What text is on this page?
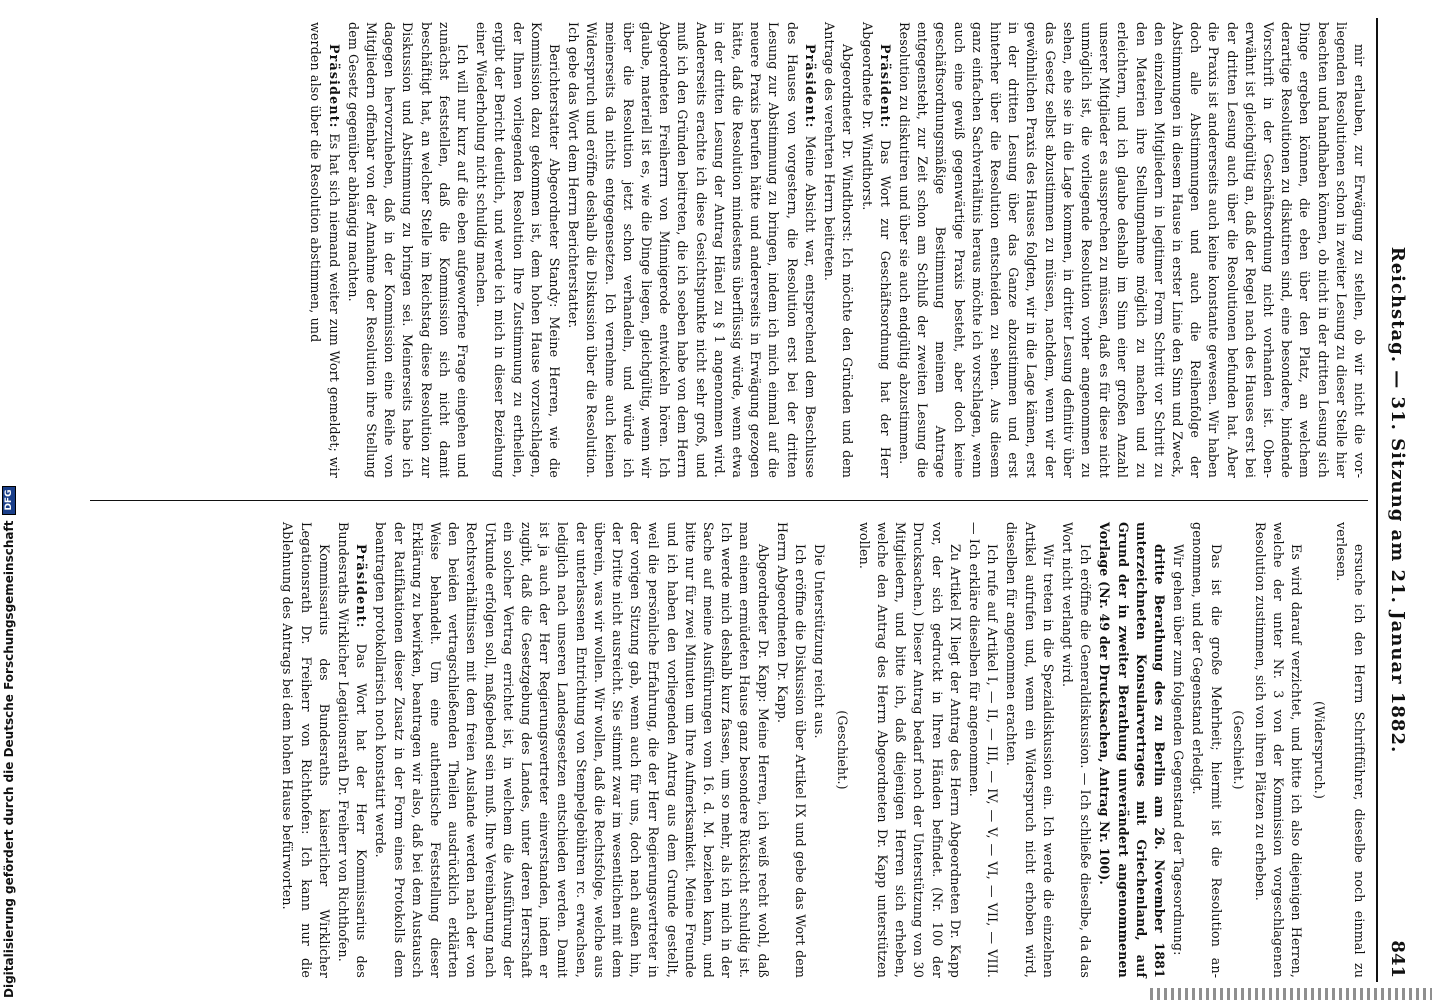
Reichstag. — 31. Sitzung am 21. Januar 1882.
841

mir erlauben, zur Erwägung zu stellen, ob wir nicht die vorliegenden Resolutionen schon in zweiter Lesung zu dieser Stelle hier beachten und handhaben können, ob nicht in der dritten Lesung sich Dinge ergeben können, die eben über den Platz, an welchem derartige Resolutionen zu diskutiren sind, eine besondere, bindende Vorschrift in der Geschäftsordnung nicht vorhanden ist. Obenerwähnt ist gleichgültig an, daß der Regel nach des Hauses erst bei der dritten Lesung auch über die Resolutionen befunden hat. Aber die Praxis ist andererseits auch keine konstante gewesen. Wir haben doch alle Abstimmungen und auch die Reihenfolge der Abstimmungen in diesem Hause in erster Linie den Sinn und Zweck, den einzelnen Mitgliedern in legitimer Form Schritt vor Schritt zu den Materien ihre Stellungnahme möglich zu machen und zu erleichtern, und ich glaube deshalb im Sinn einer großen Anzahl unserer Mitglieder es aussprechen zu müssen, daß es für diese nicht unmöglich ist, die vorliegende Resolution vorher angenommen zu sehen, ehe sie in die Lage kommen, in dritter Lesung definitiv über das Gesetz selbst abzustimmen zu müssen, nachdem, wenn wir der gewöhnlichen Praxis des Hauses folgten, wir in die Lage kämen, erst in der dritten Lesung über das Ganze abzustimmen und erst hinterher über die Resolution entscheiden zu sehen. Aus diesem ganz einfachen Sachverhältnis heraus möchte ich vorschlagen, wenn auch eine gewiß gegenwärtige Praxis besteht, aber doch keine geschäftsordnungsmäßige Bestimmung meinem Antrage entgegensteht, zur Zeit schon am Schluß der zweiten Lesung die Resolution zu diskutiren und über sie auch endgültig abzustimmen.

Präsident: Das Wort zur Geschäftsordnung hat der Herr Abgeordnete Dr. Windthorst.

Abgeordneter Dr. Windthorst: Ich möchte den Gründen und dem Antrage des verehrten Herrn beitreten.

Präsident: Meine Absicht war, entsprechend dem Beschlusse des Hauses von vorgestern, die Resolution erst bei der dritten Lesung zur Abstimmung zu bringen, indem ich mich einmal auf die neuere Praxis berufen hätte und andererseits in Erwägung gezogen hätte, daß die Resolution mindestens überflüssig würde, wenn etwa in der dritten Lesung der Antrag Hänel zu § 1 angenommen wird. Andererseits erachte ich diese Gesichtspunkte nicht sehr groß, und muß ich den Gründen beitreten, die ich soeben habe von dem Herrn Abgeordneten Freiherrn von Minnigerode entwickeln hören. Ich glaube, materiell ist es, wie die Dinge liegen, gleichgültig, wenn wir über die Resolution jetzt schon verhandeln, und würde ich meinerseits da nichts entgegensetzen. Ich vernehme auch keinen Widerspruch und eröffne deshalb die Diskussion über die Resolution. Ich gebe das Wort dem Herrn Berichterstatter.

Berichterstatter Abgeordneter Standy: Meine Herren, wie die Kommission dazu gekommen ist, dem hohen Hause vorzuschlagen, der Ihnen vorliegenden Resolution Ihre Zustimmung zu ertheilen, ergibt der Bericht deutlich, und werde ich mich in dieser Beziehung einer Wiederholung nicht schuldig machen.

Ich will nur kurz auf die eben aufgeworfene Frage eingehen und zunächst feststellen, daß die Kommission sich nicht damit beschäftigt hat, an welcher Stelle im Reichstag diese Resolution zur Diskussion und Abstimmung zu bringen sei. Meinerseits habe ich dagegen hervorzuheben, daß in der Kommission eine Reihe von Mitgliedern offenbar von der Annahme der Resolution ihre Stellung dem Gesetz gegenüber abhängig machten.

Präsident: Es hat sich niemand weiter zum Wort gemeldet; wir werden also über die Resolution abstimmen, und

ersuche ich den Herrn Schriftführer, dieselbe noch einmal zu verlesen.

(Widerspruch.)

Es wird darauf verzichtet, und bitte ich also diejenigen Herren, welche der unter Nr. 3 von der Kommission vorgeschlagenen Resolution zustimmen, sich von ihren Plätzen zu erheben.

(Geschieht.)

Das ist die große Mehrheit; hiermit ist die Resolution angenommen, und der Gegenstand erledigt.

Wir gehen über zum folgenden Gegenstand der Tagesordnung:

dritte Berathung des zu Berlin am 26. November 1881 unterzeichneten Konsularvertrages mit Griechenland, auf Grund der in zweiter Berathung unverändert angenommenen Vorlage (Nr. 49 der Drucksachen, Antrag Nr. 100).

Ich eröffne die Generaldiskussion. — Ich schließe dieselbe, da das Wort nicht verlangt wird.

Wir treten in die Spezialdiskussion ein. Ich werde die einzelnen Artikel aufrufen und, wenn ein Widerspruch nicht erhoben wird, dieselben für angenommen erachten.

Ich rufe auf Artikel I, — II, — III, — IV, — V, — VI, — VII, — VIII. — Ich erkläre dieselben für angenommen.

Zu Artikel IX liegt der Antrag des Herrn Abgeordneten Dr. Kapp vor, der sich gedruckt in Ihren Händen befindet. (Nr. 100 der Drucksachen.) Dieser Antrag bedarf noch der Unterstützung von 30 Mitgliedern, und bitte ich, daß diejenigen Herren sich erheben, welche den Antrag des Herrn Abgeordneten Dr. Kapp unterstützen wollen.

(Geschieht.)

Die Unterstützung reicht aus.

Ich eröffne die Diskussion über Artikel IX und gebe das Wort dem Herrn Abgeordneten Dr. Kapp.

Abgeordneter Dr. Kapp: Meine Herren, ich weiß recht wohl, daß man einem ermüdeten Hause ganz besondere Rücksicht schuldig ist. Ich werde mich deshalb kurz fassen, um so mehr, als ich mich in der Sache auf meine Ausführungen vom 16. d. M. beziehen kann, und bitte nur für zwei Minuten um Ihre Aufmerksamkeit. Meine Freunde und ich haben den vorliegenden Antrag aus dem Grunde gestellt, weil die persönliche Erfahrung, die der Herr Regierungsvertreter in der vorigen Sitzung gab, wenn auch für uns, doch nach außen hin, der Dritte nicht ausreicht. Sie stimmt zwar im wesentlichen mit dem überein, was wir wollen. Wir wollen, daß die Rechtsfolge, welche aus der unterlassenen Entrichtung von Stempelgebühren rc. erwachsen, lediglich nach unseren Landesgesetzen entschieden werden. Damit ist ja auch der Herr Regierungsvertreter einverstanden, indem er zugibt, daß die Gesetzgebung des Landes, unter deren Herrschaft ein solcher Vertrag errichtet ist, in welchem die Ausführung der Urkunde erfolgen soll, maßgebend sein muß. Ihre Vereinbarung nach Rechtsverhältnissen mit dem freien Auslande werden nach der von den beiden vertragschließenden Theilen ausdrücklich erklärten Weise behandelt. Um eine authentische Feststellung dieser Erklärung zu bewirken, beantragen wir also, daß bei dem Austausch der Ratifikationen dieser Zusatz in der Form eines Protokolls dem beantragten protokollarisch noch konstatirt werde.

Präsident: Das Wort hat der Herr Kommissarius des Bundesraths Wirklicher Legationsrath Dr. Freiherr von Richthofen.

Kommissarius des Bundesraths kaiserlicher Wirklicher Legationsrath Dr. Freiherr von Richthofen: Ich kann nur die Ablehnung des Antrags bei dem hohen Hause befürworten.

Digitalisierung gefördert durch die Deutsche Forschungsgemeinschaft
DFG
